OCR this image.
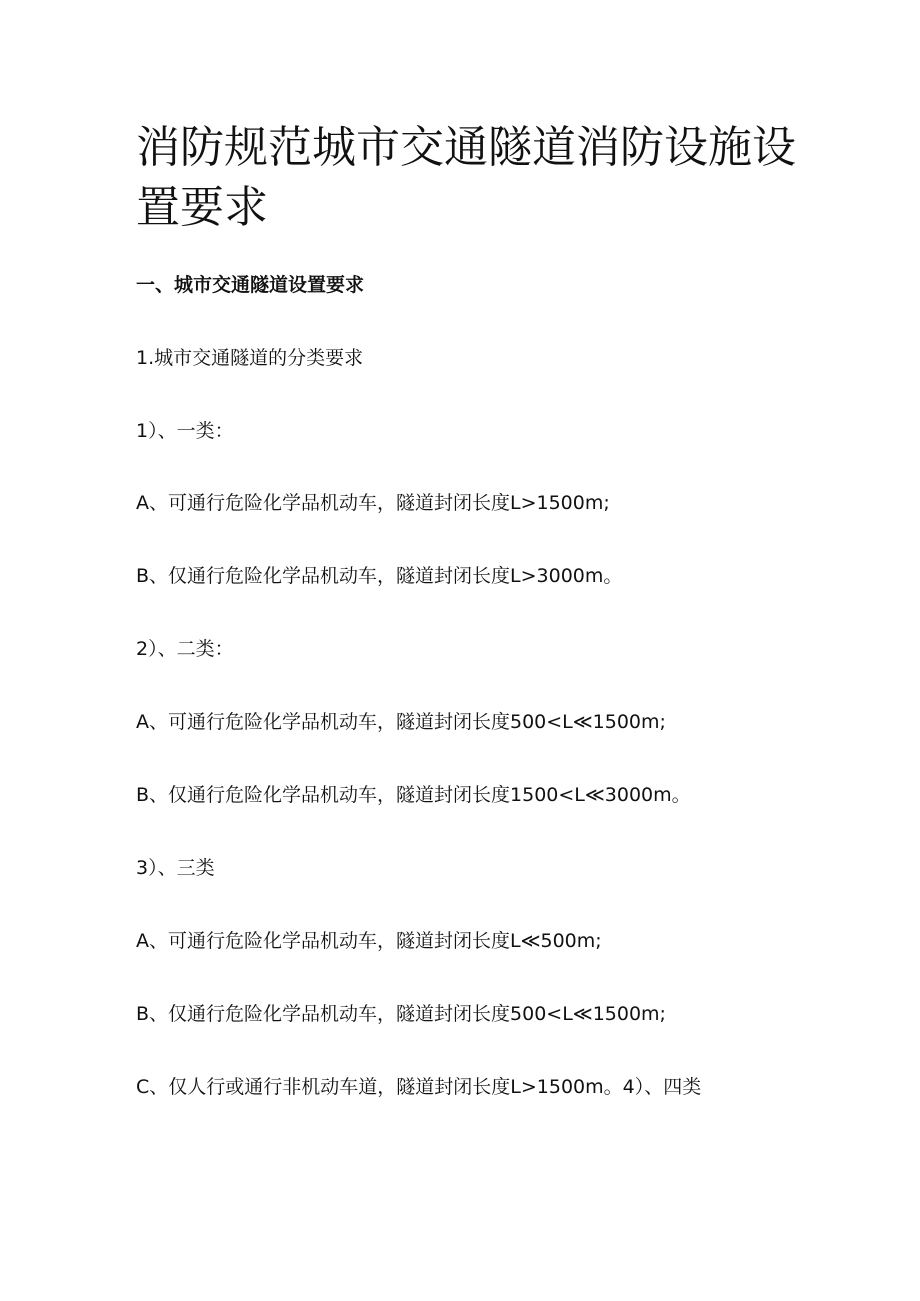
消防规范城市交通隧道消防设施设置要求

一、城市交通隧道设置要求

1.城市交通隧道的分类要求

1）、一类：

A、可通行危险化学品机动车，隧道封闭长度L>1500m;

B、仅通行危险化学品机动车，隧道封闭长度L>3000m。

2）、二类：

A、可通行危险化学品机动车，隧道封闭长度500<L≪1500m;

B、仅通行危险化学品机动车，隧道封闭长度1500<L≪3000m。

3）、三类

A、可通行危险化学品机动车，隧道封闭长度L≪500m;

B、仅通行危险化学品机动车，隧道封闭长度500<L≪1500m;

C、仅人行或通行非机动车道，隧道封闭长度L>1500m。4）、四类
